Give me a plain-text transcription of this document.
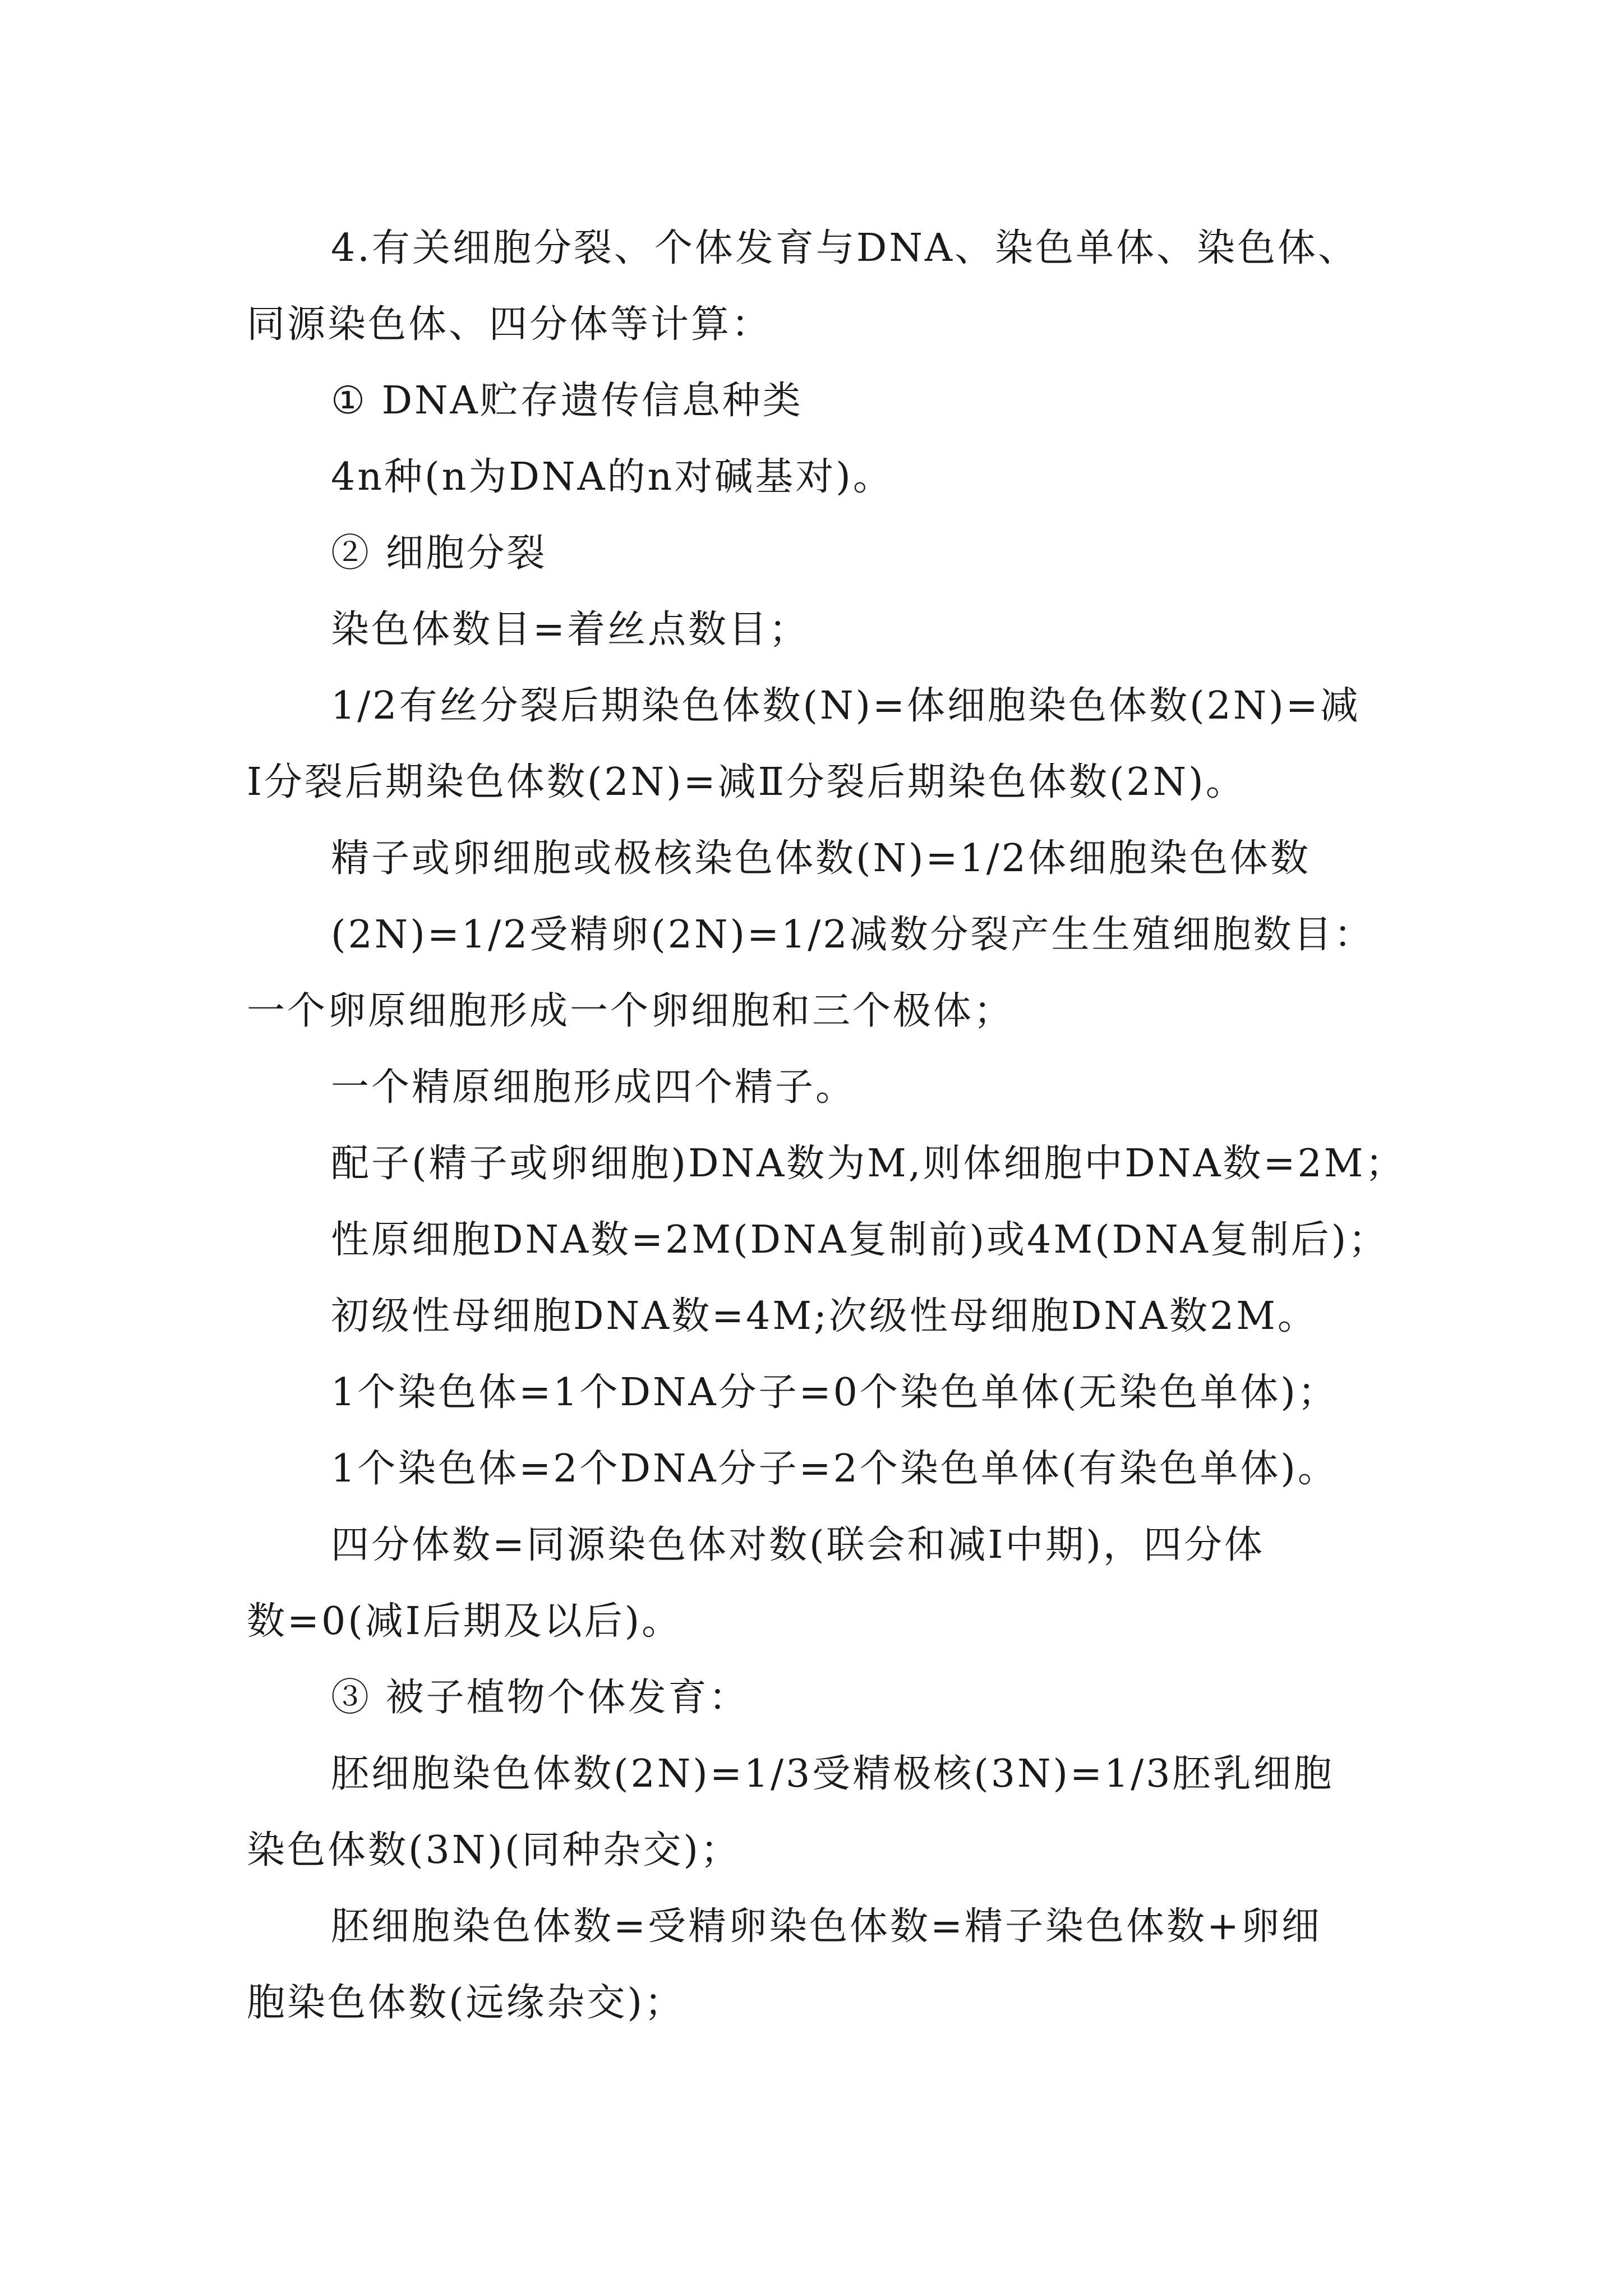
4.有关细胞分裂、个体发育与DNA、染色单体、染色体、
同源染色体、四分体等计算：
① DNA贮存遗传信息种类
4n种(n为DNA的n对碱基对)。
② 细胞分裂
染色体数目=着丝点数目；
1/2有丝分裂后期染色体数(N)=体细胞染色体数(2N)=减
Ⅰ分裂后期染色体数(2N)=减Ⅱ分裂后期染色体数(2N)。
精子或卵细胞或极核染色体数(N)=1/2体细胞染色体数
(2N)=1/2受精卵(2N)=1/2减数分裂产生生殖细胞数目：
一个卵原细胞形成一个卵细胞和三个极体；
一个精原细胞形成四个精子。
配子(精子或卵细胞)DNA数为M,则体细胞中DNA数=2M；
性原细胞DNA数=2M(DNA复制前)或4M(DNA复制后)；
初级性母细胞DNA数=4M;次级性母细胞DNA数2M。
1个染色体=1个DNA分子=0个染色单体(无染色单体)；
1个染色体=2个DNA分子=2个染色单体(有染色单体)。
四分体数=同源染色体对数(联会和减Ⅰ中期)，四分体
数=0(减Ⅰ后期及以后)。
③ 被子植物个体发育：
胚细胞染色体数(2N)=1/3受精极核(3N)=1/3胚乳细胞
染色体数(3N)(同种杂交)；
胚细胞染色体数=受精卵染色体数=精子染色体数+卵细
胞染色体数(远缘杂交)；
